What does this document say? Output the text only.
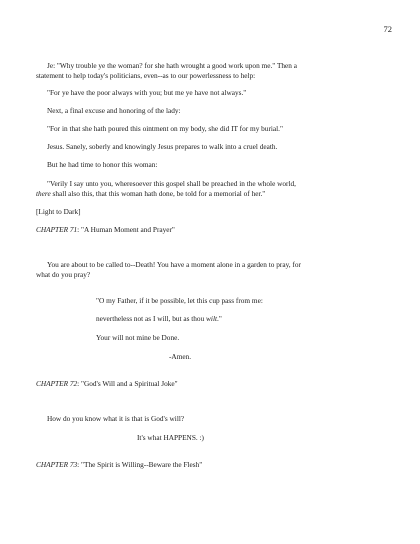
72
Je: "Why trouble ye the woman? for she hath wrought a good work upon me." Then a
statement to help today's politicians, even--as to our powerlessness to help:
"For ye have the poor always with you; but me ye have not always."
Next, a final excuse and honoring of the lady:
"For in that she hath poured this ointment on my body, she did IT for my burial."
Jesus. Sanely, soberly and knowingly Jesus prepares to walk into a cruel death.
But he had time to honor this woman:
"Verily I say unto you, wheresoever this gospel shall be preached in the whole world,
there shall also this, that this woman hath done, be told for a memorial of her."
[Light to Dark]
CHAPTER 71: "A Human Moment and Prayer"
You are about to be called to--Death! You have a moment alone in a garden to pray, for
what do you pray?
"O my Father, if it be possible, let this cup pass from me:
nevertheless not as I will, but as thou wilt."
Your will not mine be Done.
-Amen.
CHAPTER 72: "God's Will and a Spiritual Joke"
How do you know what it is that is God's will?
It's what HAPPENS. :)
CHAPTER 73: "The Spirit is Willing--Beware the Flesh"
